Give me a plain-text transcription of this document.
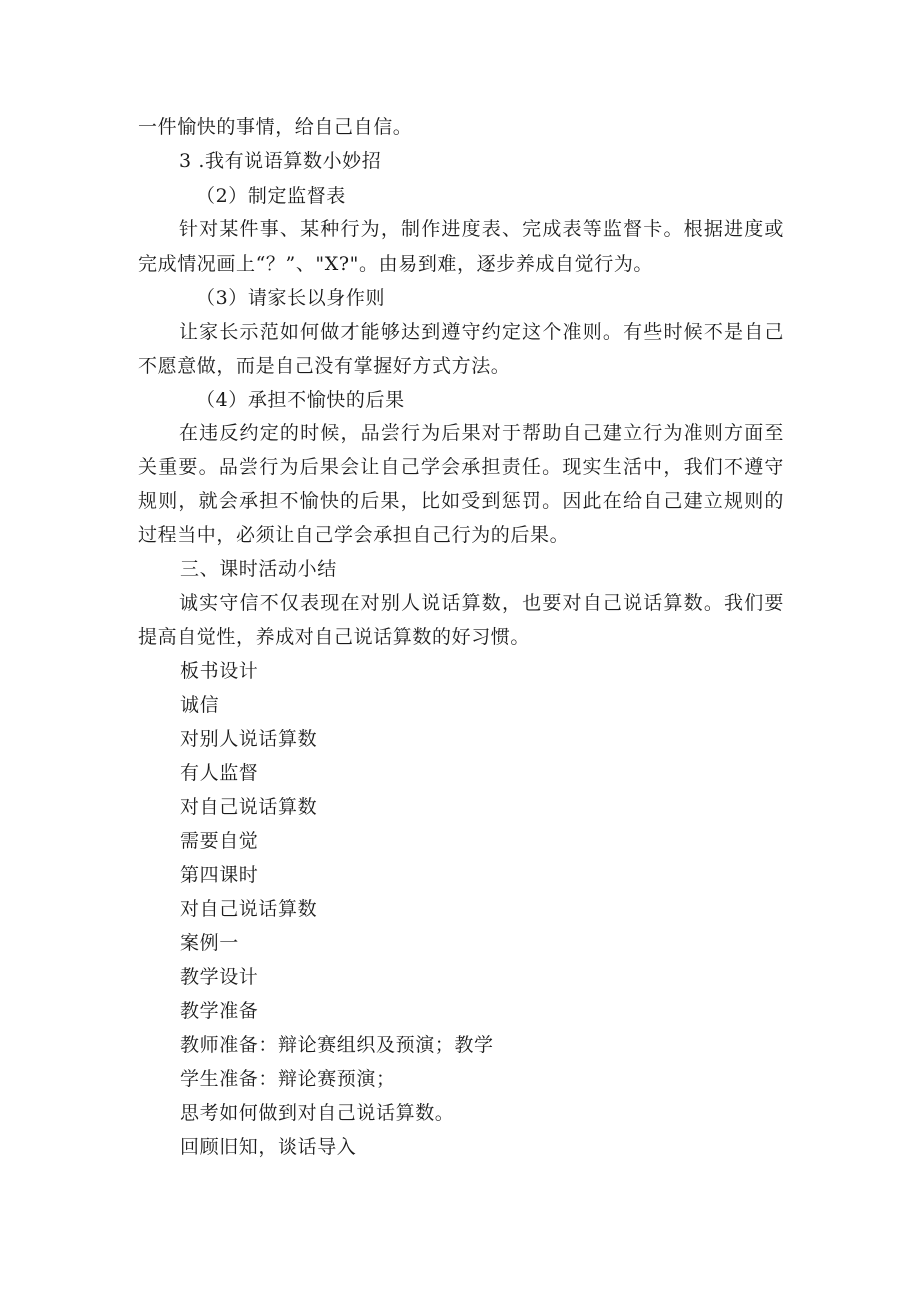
一件愉快的事情，给自己自信。
3 .我有说语算数小妙招
（2）制定监督表
针对某件事、某种行为，制作进度表、完成表等监督卡。根据进度或
完成情况画上“？”、"X?"。由易到难，逐步养成自觉行为。
（3）请家长以身作则
让家长示范如何做才能够达到遵守约定这个准则。有些时候不是自己
不愿意做，而是自己没有掌握好方式方法。
（4）承担不愉快的后果
在违反约定的时候，品尝行为后果对于帮助自己建立行为准则方面至
关重要。品尝行为后果会让自己学会承担责任。现实生活中，我们不遵守
规则，就会承担不愉快的后果，比如受到惩罚。因此在给自己建立规则的
过程当中，必须让自己学会承担自己行为的后果。
三、课时活动小结
诚实守信不仅表现在对别人说话算数，也要对自己说话算数。我们要
提高自觉性，养成对自己说话算数的好习惯。
板书设计
诚信
对别人说话算数
有人监督
对自己说话算数
需要自觉
第四课时
对自己说话算数
案例一
教学设计
教学准备
教师准备：辩论赛组织及预演；教学
学生准备：辩论赛预演；
思考如何做到对自己说话算数。
回顾旧知，谈话导入
